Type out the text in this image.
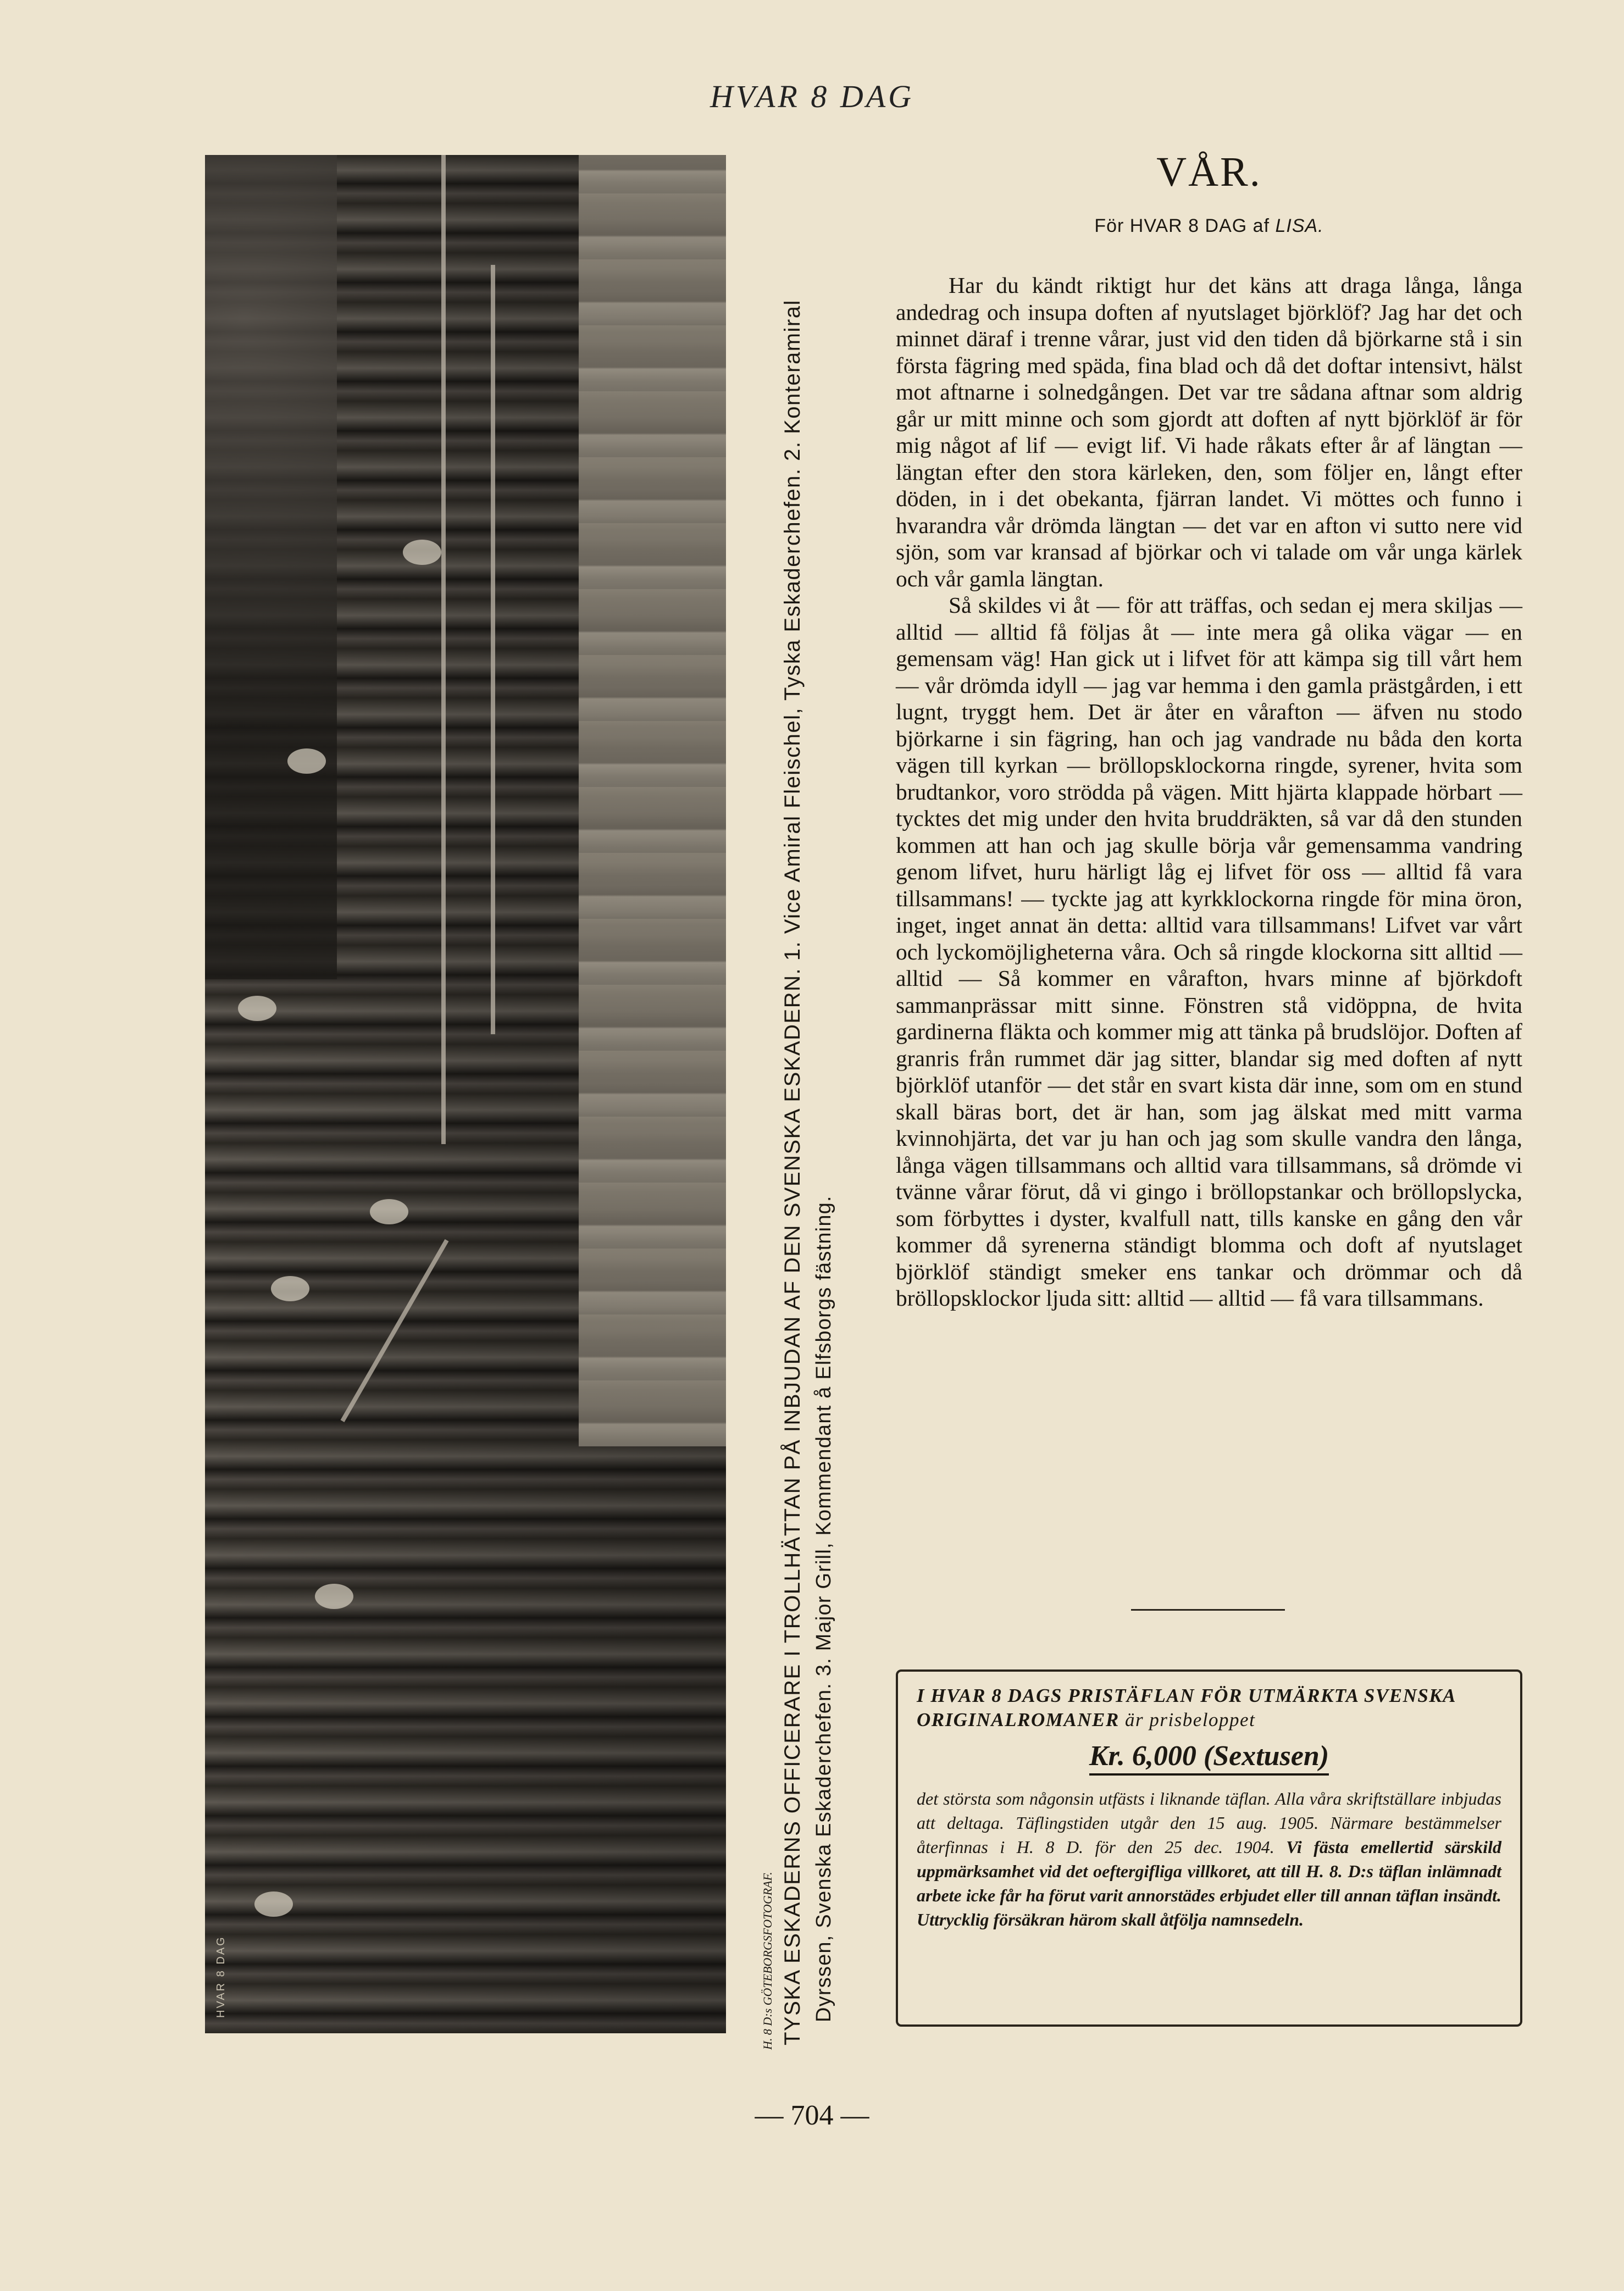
HVAR 8 DAG
HVAR 8 DAG	H. 8 D:s GÖTEBORGSFOTOGRAF. TYSKA ESKADERNS OFFICERARE I TROLLHÄTTAN PÅ INBJUDAN AF DEN SVENSKA ESKADERN. 1. Vice Amiral Fleischel, Tyska Eskaderchefen. 2. Konteramiral Dyrssen, Svenska Eskaderchefen. 3. Major Grill, Kommendant å Elfsborgs fästning.
VÅR.
För HVAR 8 DAG af LISA.

Har du kändt riktigt hur det käns att draga långa, långa andedrag och insupa doften af nyutslaget björklöf? Jag har det och minnet däraf i trenne vårar, just vid den tiden då björkarne stå i sin första fägring med späda, fina blad och då det doftar intensivt, hälst mot aftnarne i solnedgången. Det var tre sådana aftnar som aldrig går ur mitt minne och som gjordt att doften af nytt björklöf är för mig något af lif — evigt lif. Vi hade råkats efter år af längtan — längtan efter den stora kärleken, den, som följer en, långt efter döden, in i det obekanta, fjärran landet. Vi möttes och funno i hvarandra vår drömda längtan — det var en afton vi sutto nere vid sjön, som var kransad af björkar och vi talade om vår unga kärlek och vår gamla längtan.

Så skildes vi åt — för att träffas, och sedan ej mera skiljas — alltid — alltid få följas åt — inte mera gå olika vägar — en gemensam väg! Han gick ut i lifvet för att kämpa sig till vårt hem — vår drömda idyll — jag var hemma i den gamla prästgården, i ett lugnt, tryggt hem. Det är åter en vårafton — äfven nu stodo björkarne i sin fägring, han och jag vandrade nu båda den korta vägen till kyrkan — bröllopsklockorna ringde, syrener, hvita som brudtankor, voro strödda på vägen. Mitt hjärta klappade hörbart — tycktes det mig under den hvita bruddräkten, så var då den stunden kommen att han och jag skulle börja vår gemensamma vandring genom lifvet, huru härligt låg ej lifvet för oss — alltid få vara tillsammans! — tyckte jag att kyrkklockorna ringde för mina öron, inget, inget annat än detta: alltid vara tillsammans! Lifvet var vårt och lyckomöjligheterna våra. Och så ringde klockorna sitt alltid — alltid — Så kommer en vårafton, hvars minne af björkdoft sammanprässar mitt sinne. Fönstren stå vidöppna, de hvita gardinerna fläkta och kommer mig att tänka på brudslöjor. Doften af granris från rummet där jag sitter, blandar sig med doften af nytt björklöf utanför — det står en svart kista där inne, som om en stund skall bäras bort, det är han, som jag älskat med mitt varma kvinnohjärta, det var ju han och jag som skulle vandra den långa, långa vägen tillsammans och alltid vara tillsammans, så drömde vi tvänne vårar förut, då vi gingo i bröllopstankar och bröllopslycka, som förbyttes i dyster, kvalfull natt, tills kanske en gång den vår kommer då syrenerna ständigt blomma och doft af nyutslaget björklöf ständigt smeker ens tankar och drömmar och då bröllopsklockor ljuda sitt: alltid — alltid — få vara tillsammans.

I HVAR 8 DAGS PRISTÄFLAN FÖR UTMÄRKTA SVENSKA ORIGINALROMANER är prisbeloppet
Kr. 6,000 (Sextusen)
det största som någonsin utfästs i liknande täflan. Alla våra skriftställare inbjudas att deltaga. Täflingstiden utgår den 15 aug. 1905. Närmare bestämmelser återfinnas i H. 8 D. för den 25 dec. 1904. Vi fästa emellertid särskild uppmärksamhet vid det oeftergifliga villkoret, att till H. 8. D:s täflan inlämnadt arbete icke får ha förut varit annorstädes erbjudet eller till annan täflan insändt. Uttrycklig försäkran härom skall åtfölja namnsedeln.
— 704 —
